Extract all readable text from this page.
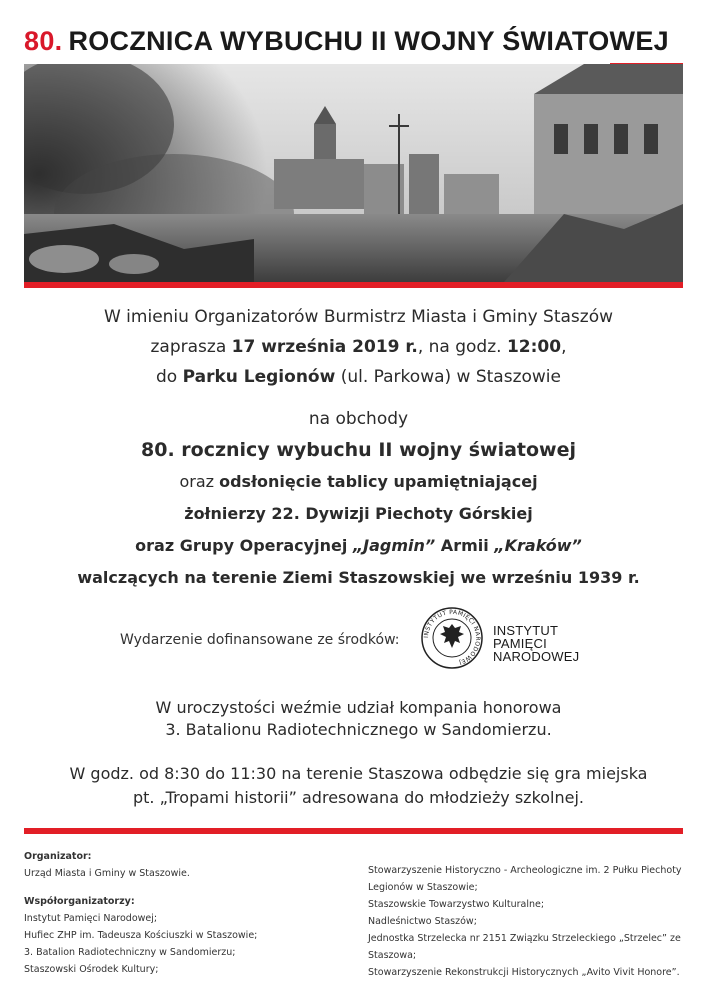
80. ROCZNICA WYBUCHU II WOJNY ŚWIATOWEJ
W imieniu Organizatorów Burmistrz Miasta i Gminy Staszów
zaprasza 17 września 2019 r., na godz. 12:00,
do Parku Legionów (ul. Parkowa) w Staszowie
na obchody
80. rocznicy wybuchu II wojny światowej
oraz odsłonięcie tablicy upamiętniającej
żołnierzy 22. Dywizji Piechoty Górskiej
oraz Grupy Operacyjnej „Jagmin” Armii „Kraków”
walczących na terenie Ziemi Staszowskiej we wrześniu 1939 r.
Wydarzenie dofinansowane ze środków:	INSTYTUT PAMIĘCI NARODOWEJ
INSTYTUT
PAMIĘCI
NARODOWEJ
W uroczystości weźmie udział kompania honorowa
3. Batalionu Radiotechnicznego w Sandomierzu.
W godz. od 8:30 do 11:30 na terenie Staszowa odbędzie się gra miejska
pt. „Tropami historii” adresowana do młodzieży szkolnej.
Organizator:
Urząd Miasta i Gminy w Staszowie.
Współorganizatorzy:
Instytut Pamięci Narodowej;
Hufiec ZHP im. Tadeusza Kościuszki w Staszowie;
3. Batalion Radiotechniczny w Sandomierzu;
Staszowski Ośrodek Kultury;
Stowarzyszenie Historyczno - Archeologiczne im. 2 Pułku Piechoty
Legionów w Staszowie;
Staszowskie Towarzystwo Kulturalne;
Nadleśnictwo Staszów;
Jednostka Strzelecka nr 2151 Związku Strzeleckiego „Strzelec” ze
Staszowa;
Stowarzyszenie Rekonstrukcji Historycznych „Avito Vivit Honore”.
